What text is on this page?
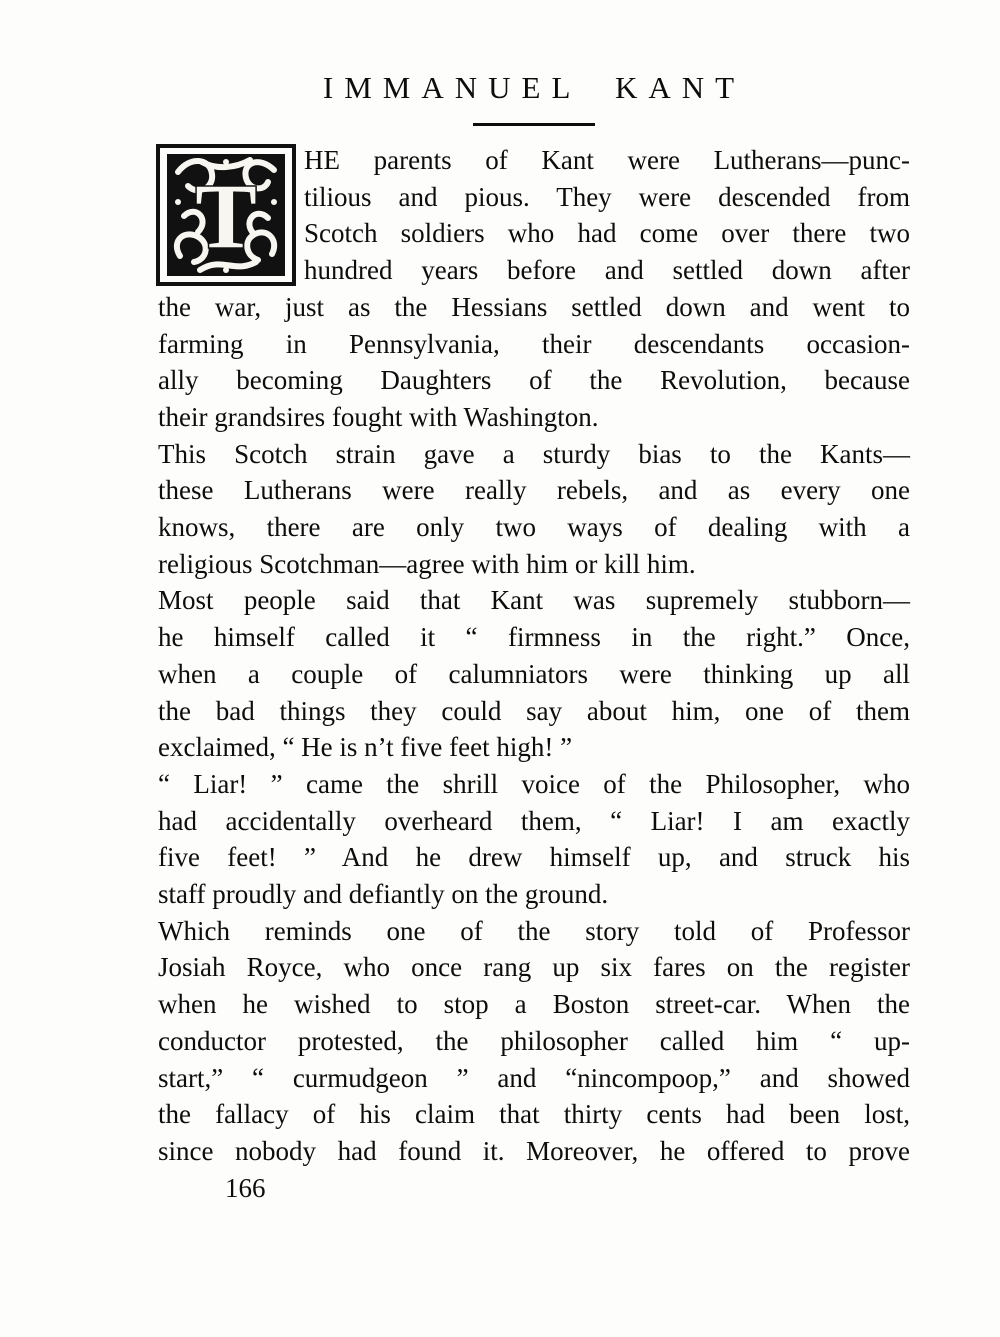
IMMANUEL KANT
T
HE parents of Kant were Lutherans—punc-
tilious and pious. They were descended from
Scotch soldiers who had come over there two
hundred years before and settled down after
the war, just as the Hessians settled down and went to
farming in Pennsylvania, their descendants occasion-
ally becoming Daughters of the Revolution, because
their grandsires fought with Washington.
This Scotch strain gave a sturdy bias to the Kants—
these Lutherans were really rebels, and as every one
knows, there are only two ways of dealing with a
religious Scotchman—agree with him or kill him.
Most people said that Kant was supremely stubborn—
he himself called it “ firmness in the right.” Once,
when a couple of calumniators were thinking up all
the bad things they could say about him, one of them
exclaimed, “ He is n’t five feet high! ”
“ Liar! ” came the shrill voice of the Philosopher, who
had accidentally overheard them, “ Liar! I am exactly
five feet! ” And he drew himself up, and struck his
staff proudly and defiantly on the ground.
Which reminds one of the story told of Professor
Josiah Royce, who once rang up six fares on the register
when he wished to stop a Boston street-car. When the
conductor protested, the philosopher called him “ up-
start,” “ curmudgeon ” and “nincompoop,” and showed
the fallacy of his claim that thirty cents had been lost,
since nobody had found it. Moreover, he offered to prove
166
